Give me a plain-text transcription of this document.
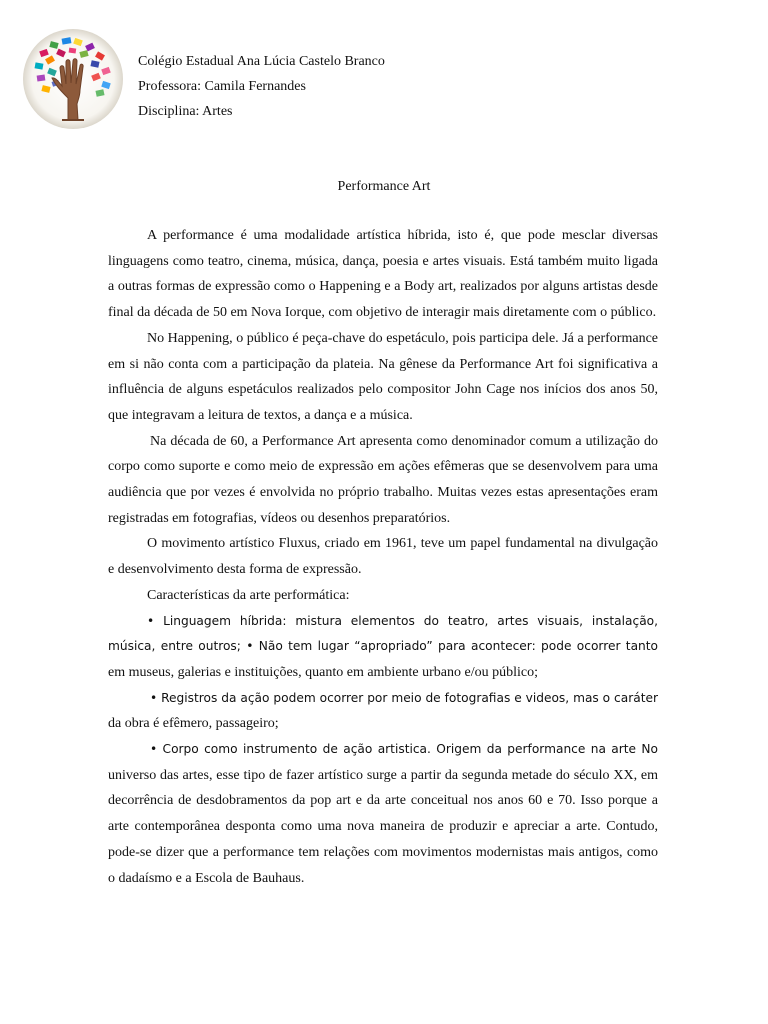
Colégio Estadual Ana Lúcia Castelo Branco
Professora: Camila Fernandes
Disciplina: Artes
Performance Art

A performance é uma modalidade artística híbrida, isto é, que pode mesclar diversas linguagens como teatro, cinema, música, dança, poesia e artes visuais. Está também muito ligada a outras formas de expressão como o Happening e a Body art, realizados por alguns artistas desde final da década de 50 em Nova Iorque, com objetivo de interagir mais diretamente com o público.

No Happening, o público é peça-chave do espetáculo, pois participa dele. Já a performance em si não conta com a participação da plateia. Na gênese da Performance Art foi significativa a influência de alguns espetáculos realizados pelo compositor John Cage nos inícios dos anos 50, que integravam a leitura de textos, a dança e a música.

Na década de 60, a Performance Art apresenta como denominador comum a utilização do corpo como suporte e como meio de expressão em ações efêmeras que se desenvolvem para uma audiência que por vezes é envolvida no próprio trabalho. Muitas vezes estas apresentações eram registradas em fotografias, vídeos ou desenhos preparatórios.

O movimento artístico Fluxus, criado em 1961, teve um papel fundamental na divulgação e desenvolvimento desta forma de expressão.

Características da arte performática:

• Linguagem híbrida: mistura elementos do teatro, artes visuais, instalação, música, entre outros; • Não tem lugar “apropriado” para acontecer: pode ocorrer tanto em museus, galerias e instituições, quanto em ambiente urbano e/ou público;

• Registros da ação podem ocorrer por meio de fotografias e videos, mas o caráter da obra é efêmero, passageiro;

• Corpo como instrumento de ação artistica. Origem da performance na arte No universo das artes, esse tipo de fazer artístico surge a partir da segunda metade do século XX, em decorrência de desdobramentos da pop art e da arte conceitual nos anos 60 e 70. Isso porque a arte contemporânea desponta como uma nova maneira de produzir e apreciar a arte. Contudo, pode-se dizer que a performance tem relações com movimentos modernistas mais antigos, como o dadaísmo e a Escola de Bauhaus.
